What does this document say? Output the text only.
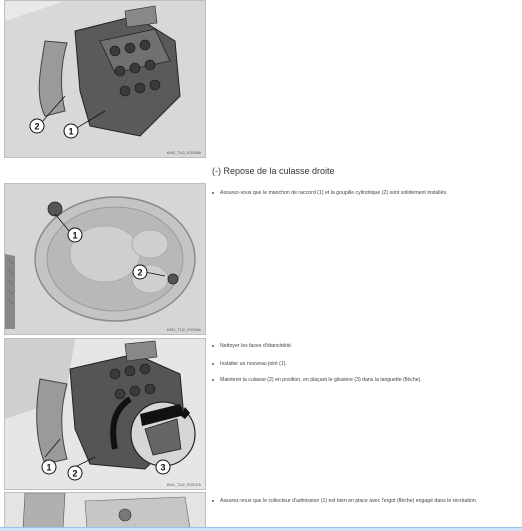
2	1
KM1_TU2_R1538b
(-) Repose de la culasse droite
Assurez-vous que le manchon de raccord (1) et la goupille cylindrique (2) sont solidement installés.
1
2
KM1_TU2_R1539c
1
2
3
KM1_TU2_R1537b
Nettoyer les faces d'étanchéité.
Installer un nouveau joint (1).
Maintenir la culasse (2) en position, en plaçant le glissière (3) dans la languette (flèche).
Assurez-vous que le collecteur d'admission (1) est bien en place avec l'ergot (flèche) engagé dans le récréation.
